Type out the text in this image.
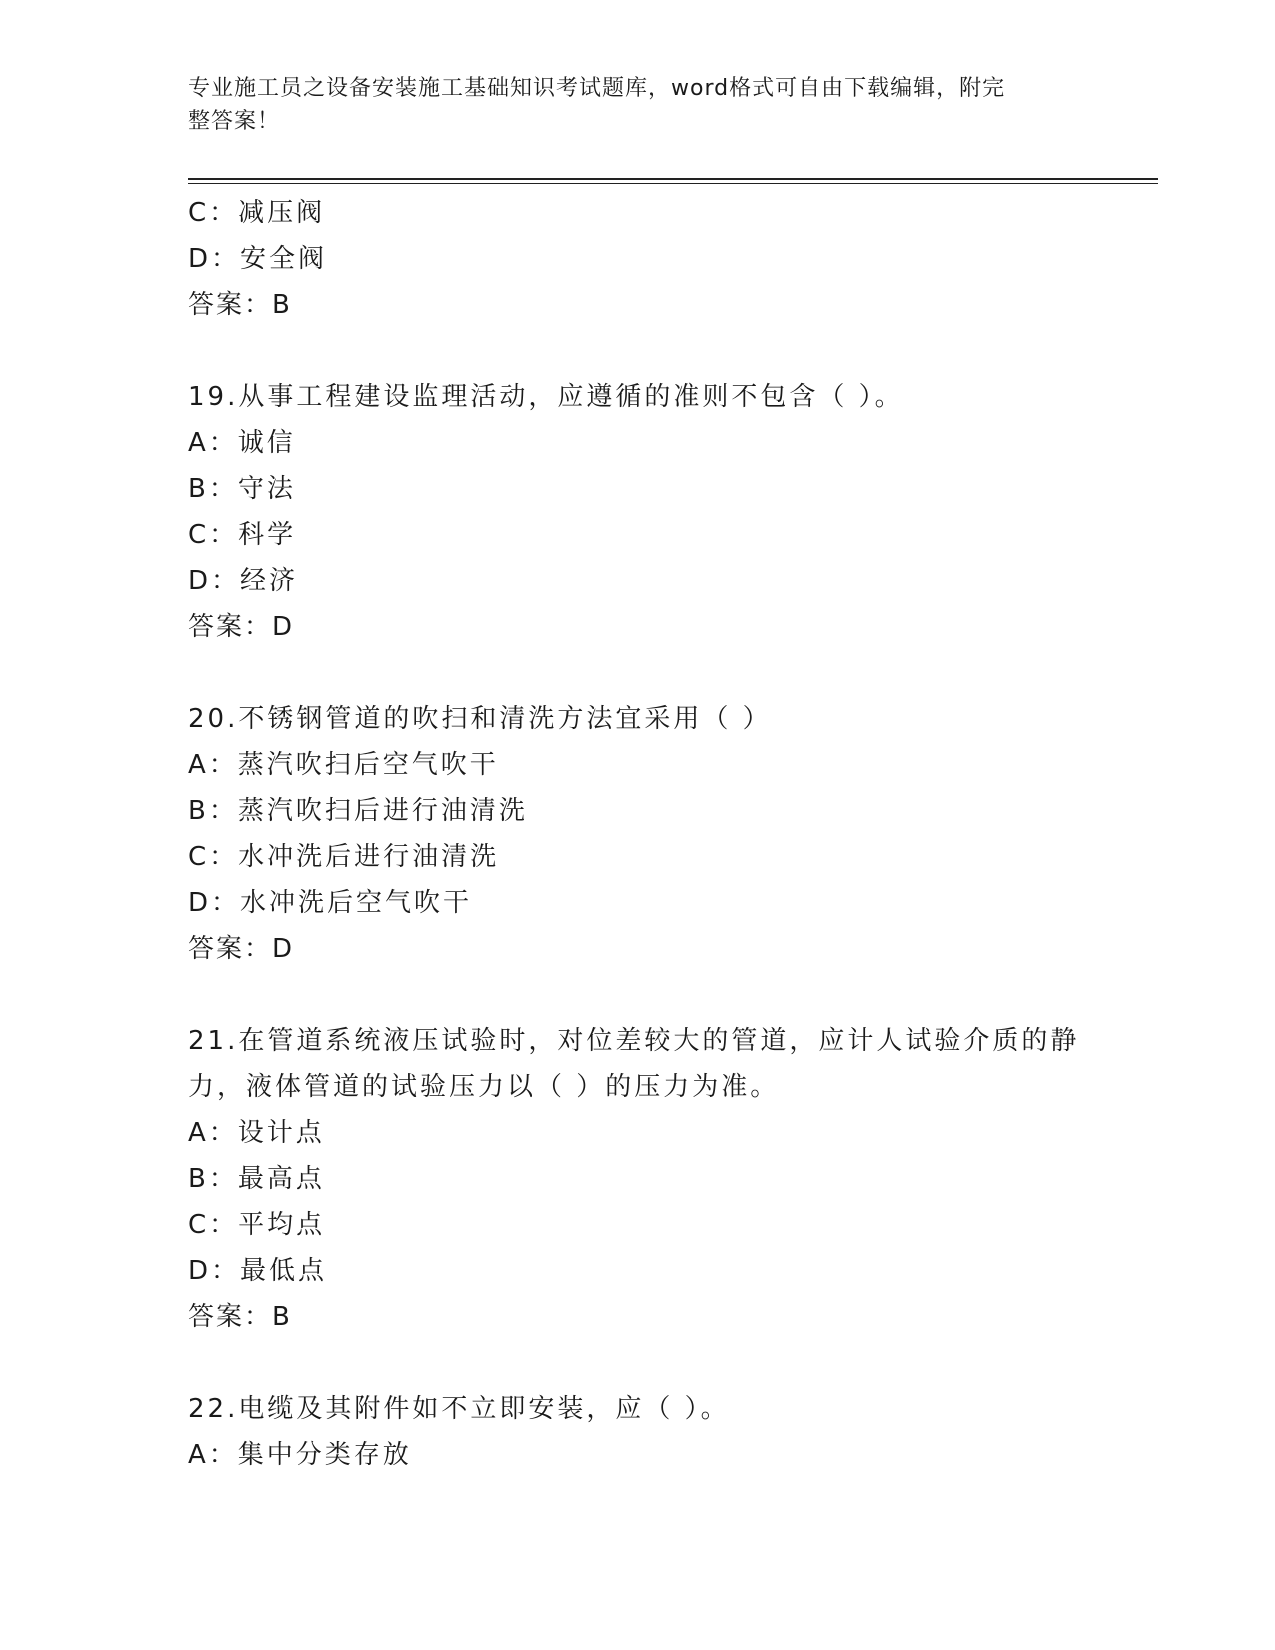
专业施工员之设备安装施工基础知识考试题库，word格式可自由下载编辑，附完
整答案！
C：减压阀
D：安全阀
答案：B
19.从事工程建设监理活动，应遵循的准则不包含（ ）。
A：诚信
B：守法
C：科学
D：经济
答案：D
20.不锈钢管道的吹扫和清洗方法宜采用（ ）
A：蒸汽吹扫后空气吹干
B：蒸汽吹扫后进行油清洗
C：水冲洗后进行油清洗
D：水冲洗后空气吹干
答案：D
21.在管道系统液压试验时，对位差较大的管道，应计人试验介质的静
力，液体管道的试验压力以（ ）的压力为准。
A：设计点
B：最高点
C：平均点
D：最低点
答案：B
22.电缆及其附件如不立即安装，应（ ）。
A：集中分类存放
